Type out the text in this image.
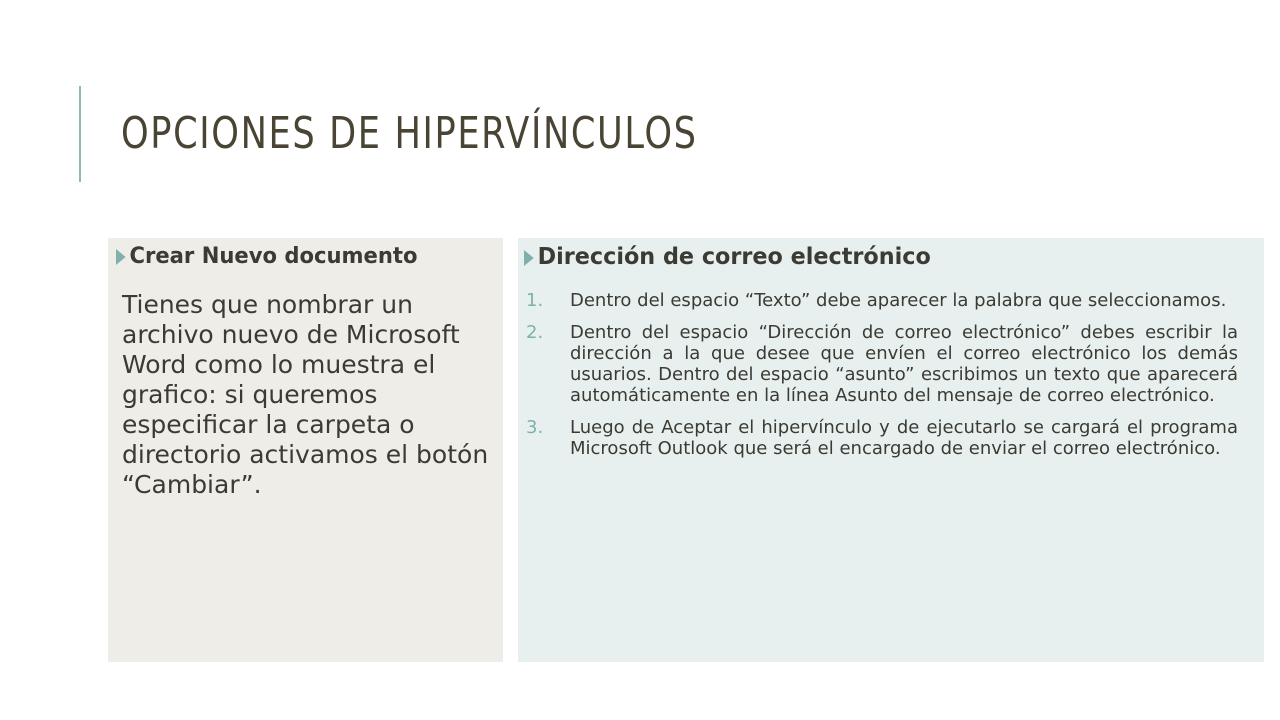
OPCIONES DE HIPERVÍNCULOS
Crear Nuevo documento

Tienes que nombrar un archivo nuevo de Microsoft Word como lo muestra el grafico: si queremos especificar la carpeta o directorio activamos el botón “Cambiar”.

Dirección de correo electrónico
1.	Dentro del espacio “Texto” debe aparecer la palabra que seleccionamos.
2.	Dentro del espacio “Dirección de correo electrónico” debes escribir la dirección a la que desee que envíen el correo electrónico los demás usuarios. Dentro del espacio “asunto” escribimos un texto que aparecerá automáticamente en la línea Asunto del mensaje de correo electrónico.
3.	Luego de Aceptar el hipervínculo y de ejecutarlo se cargará el programa Microsoft Outlook que será el encargado de enviar el correo electrónico.
